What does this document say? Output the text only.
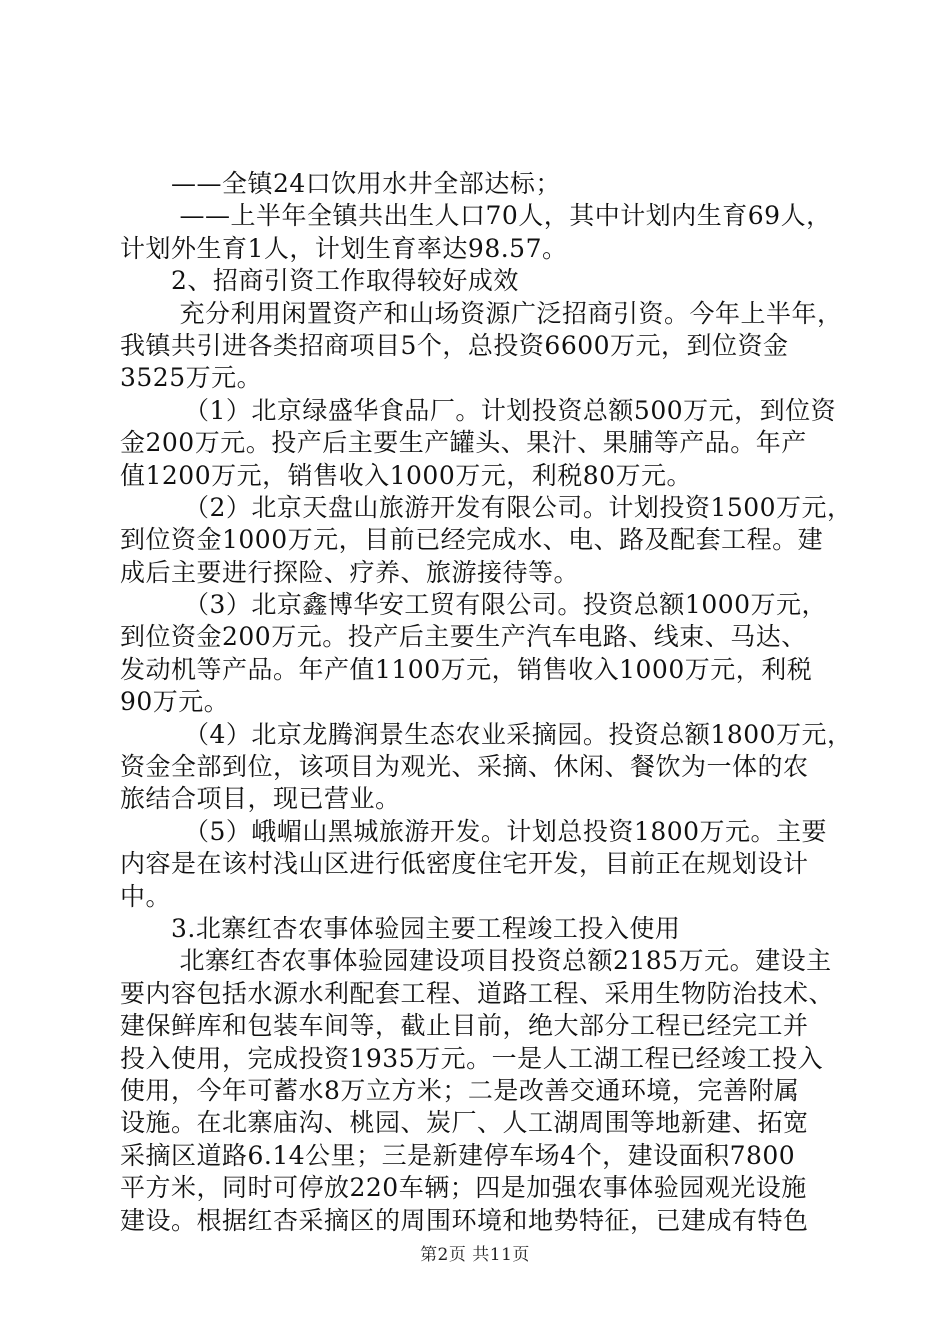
　　——全镇24口饮用水井全部达标；
　　 ——上半年全镇共出生人口70人，其中计划内生育69人，
计划外生育1人，计划生育率达98.57。
　　2、招商引资工作取得较好成效
　　 充分利用闲置资产和山场资源广泛招商引资。今年上半年，
我镇共引进各类招商项目5个，总投资6600万元，到位资金
3525万元。
　　　（1）北京绿盛华食品厂。计划投资总额500万元，到位资
金200万元。投产后主要生产罐头、果汁、果脯等产品。年产
值1200万元，销售收入1000万元，利税80万元。
　　　（2）北京天盘山旅游开发有限公司。计划投资1500万元，
到位资金1000万元，目前已经完成水、电、路及配套工程。建
成后主要进行探险、疗养、旅游接待等。
　　　（3）北京鑫博华安工贸有限公司。投资总额1000万元，
到位资金200万元。投产后主要生产汽车电路、线束、马达、
发动机等产品。年产值1100万元，销售收入1000万元，利税
90万元。
　　　（4）北京龙腾润景生态农业采摘园。投资总额1800万元，
资金全部到位，该项目为观光、采摘、休闲、餐饮为一体的农
旅结合项目，现已营业。
　　　（5）峨嵋山黑城旅游开发。计划总投资1800万元。主要
内容是在该村浅山区进行低密度住宅开发，目前正在规划设计
中。
　　3.北寨红杏农事体验园主要工程竣工投入使用
　　 北寨红杏农事体验园建设项目投资总额2185万元。建设主
要内容包括水源水利配套工程、道路工程、采用生物防治技术、
建保鲜库和包装车间等，截止目前，绝大部分工程已经完工并
投入使用，完成投资1935万元。一是人工湖工程已经竣工投入
使用，今年可蓄水8万立方米；二是改善交通环境，完善附属
设施。在北寨庙沟、桃园、炭厂、人工湖周围等地新建、拓宽
采摘区道路6.14公里；三是新建停车场4个，建设面积7800
平方米，同时可停放220车辆；四是加强农事体验园观光设施
建设。根据红杏采摘区的周围环境和地势特征，已建成有特色
第2页 共11页
